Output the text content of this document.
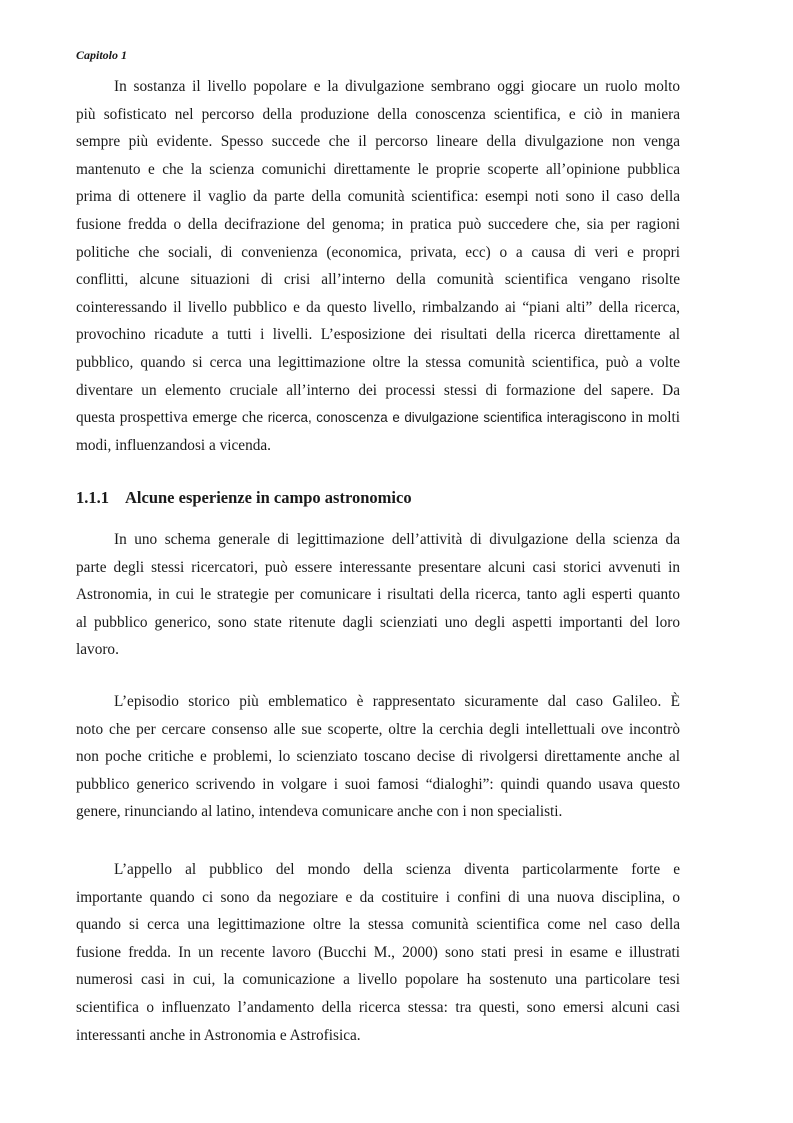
Capitolo 1
In sostanza il livello popolare e la divulgazione sembrano oggi giocare un ruolo molto
più sofisticato nel percorso della produzione della conoscenza scientifica, e ciò in maniera
sempre più evidente. Spesso succede che il percorso lineare della divulgazione non venga
mantenuto e che la scienza comunichi direttamente le proprie scoperte all’opinione pubblica
prima di ottenere il vaglio da parte della comunità scientifica: esempi noti sono il caso della
fusione fredda o della decifrazione del genoma; in pratica può succedere che, sia per ragioni
politiche che sociali, di convenienza (economica, privata, ecc) o a causa di veri e propri
conflitti, alcune situazioni di crisi all’interno della comunità scientifica vengano risolte
cointeressando il livello pubblico e da questo livello, rimbalzando ai “piani alti” della ricerca,
provochino ricadute a tutti i livelli. L’esposizione dei risultati della ricerca direttamente al
pubblico, quando si cerca una legittimazione oltre la stessa comunità scientifica, può a volte
diventare un elemento cruciale all’interno dei processi stessi di formazione del sapere. Da
questa prospettiva emerge che ricerca, conoscenza e divulgazione scientifica interagiscono in molti
modi, influenzandosi a vicenda.
1.1.1 Alcune esperienze in campo astronomico
In uno schema generale di legittimazione dell’attività di divulgazione della scienza da
parte degli stessi ricercatori, può essere interessante presentare alcuni casi storici avvenuti in
Astronomia, in cui le strategie per comunicare i risultati della ricerca, tanto agli esperti quanto
al pubblico generico, sono state ritenute dagli scienziati uno degli aspetti importanti del loro
lavoro.
L’episodio storico più emblematico è rappresentato sicuramente dal caso Galileo. È
noto che per cercare consenso alle sue scoperte, oltre la cerchia degli intellettuali ove incontrò
non poche critiche e problemi, lo scienziato toscano decise di rivolgersi direttamente anche al
pubblico generico scrivendo in volgare i suoi famosi “dialoghi”: quindi quando usava questo
genere, rinunciando al latino, intendeva comunicare anche con i non specialisti.
L’appello al pubblico del mondo della scienza diventa particolarmente forte e
importante quando ci sono da negoziare e da costituire i confini di una nuova disciplina, o
quando si cerca una legittimazione oltre la stessa comunità scientifica come nel caso della
fusione fredda. In un recente lavoro (Bucchi M., 2000) sono stati presi in esame e illustrati
numerosi casi in cui, la comunicazione a livello popolare ha sostenuto una particolare tesi
scientifica o influenzato l’andamento della ricerca stessa: tra questi, sono emersi alcuni casi
interessanti anche in Astronomia e Astrofisica.
